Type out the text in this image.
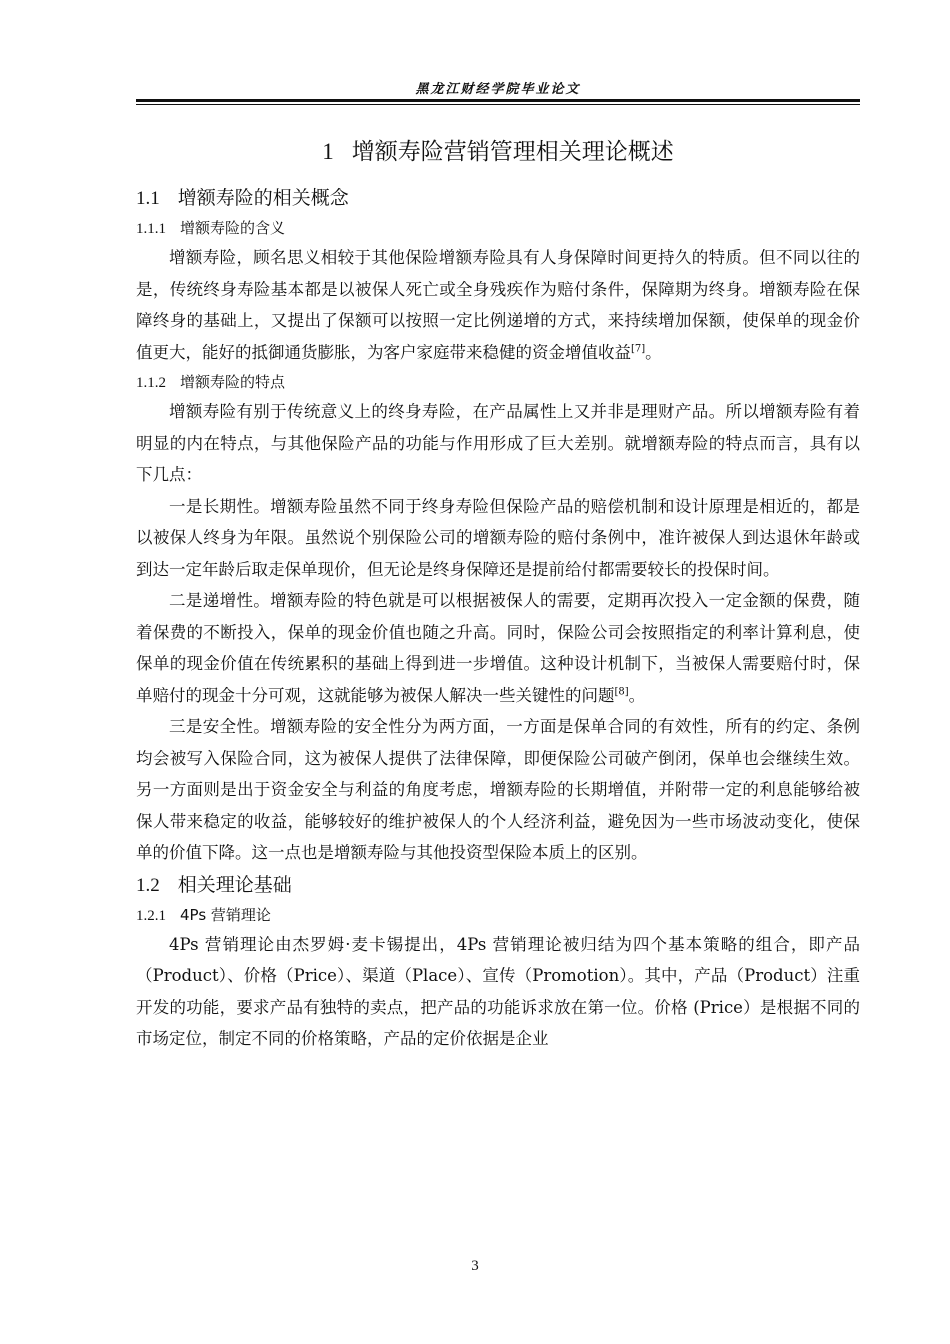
黑龙江财经学院毕业论文
1 增额寿险营销管理相关理论概述
1.1 增额寿险的相关概念
1.1.1 增额寿险的含义

增额寿险，顾名思义相较于其他保险增额寿险具有人身保障时间更持久的特质。但不同以往的是，传统终身寿险基本都是以被保人死亡或全身残疾作为赔付条件，保障期为终身。增额寿险在保障终身的基础上，又提出了保额可以按照一定比例递增的方式，来持续增加保额，使保单的现金价值更大，能好的抵御通货膨胀，为客户家庭带来稳健的资金增值收益[7]。

1.1.2 增额寿险的特点

增额寿险有别于传统意义上的终身寿险，在产品属性上又并非是理财产品。所以增额寿险有着明显的内在特点，与其他保险产品的功能与作用形成了巨大差别。就增额寿险的特点而言，具有以下几点：

一是长期性。增额寿险虽然不同于终身寿险但保险产品的赔偿机制和设计原理是相近的，都是以被保人终身为年限。虽然说个别保险公司的增额寿险的赔付条例中，准许被保人到达退休年龄或到达一定年龄后取走保单现价，但无论是终身保障还是提前给付都需要较长的投保时间。

二是递增性。增额寿险的特色就是可以根据被保人的需要，定期再次投入一定金额的保费，随着保费的不断投入，保单的现金价值也随之升高。同时，保险公司会按照指定的利率计算利息，使保单的现金价值在传统累积的基础上得到进一步增值。这种设计机制下，当被保人需要赔付时，保单赔付的现金十分可观，这就能够为被保人解决一些关键性的问题[8]。

三是安全性。增额寿险的安全性分为两方面，一方面是保单合同的有效性，所有的约定、条例均会被写入保险合同，这为被保人提供了法律保障，即便保险公司破产倒闭，保单也会继续生效。另一方面则是出于资金安全与利益的角度考虑，增额寿险的长期增值，并附带一定的利息能够给被保人带来稳定的收益，能够较好的维护被保人的个人经济利益，避免因为一些市场波动变化，使保单的价值下降。这一点也是增额寿险与其他投资型保险本质上的区别。

1.2 相关理论基础
1.2.1 4Ps 营销理论

4Ps 营销理论由杰罗姆·麦卡锡提出，4Ps 营销理论被归结为四个基本策略的组合，即产品（Product）、价格（Price）、渠道（Place）、宣传（Promotion）。其中，产品（Product）注重开发的功能，要求产品有独特的卖点，把产品的功能诉求放在第一位。价格 (Price）是根据不同的市场定位，制定不同的价格策略，产品的定价依据是企业

3
